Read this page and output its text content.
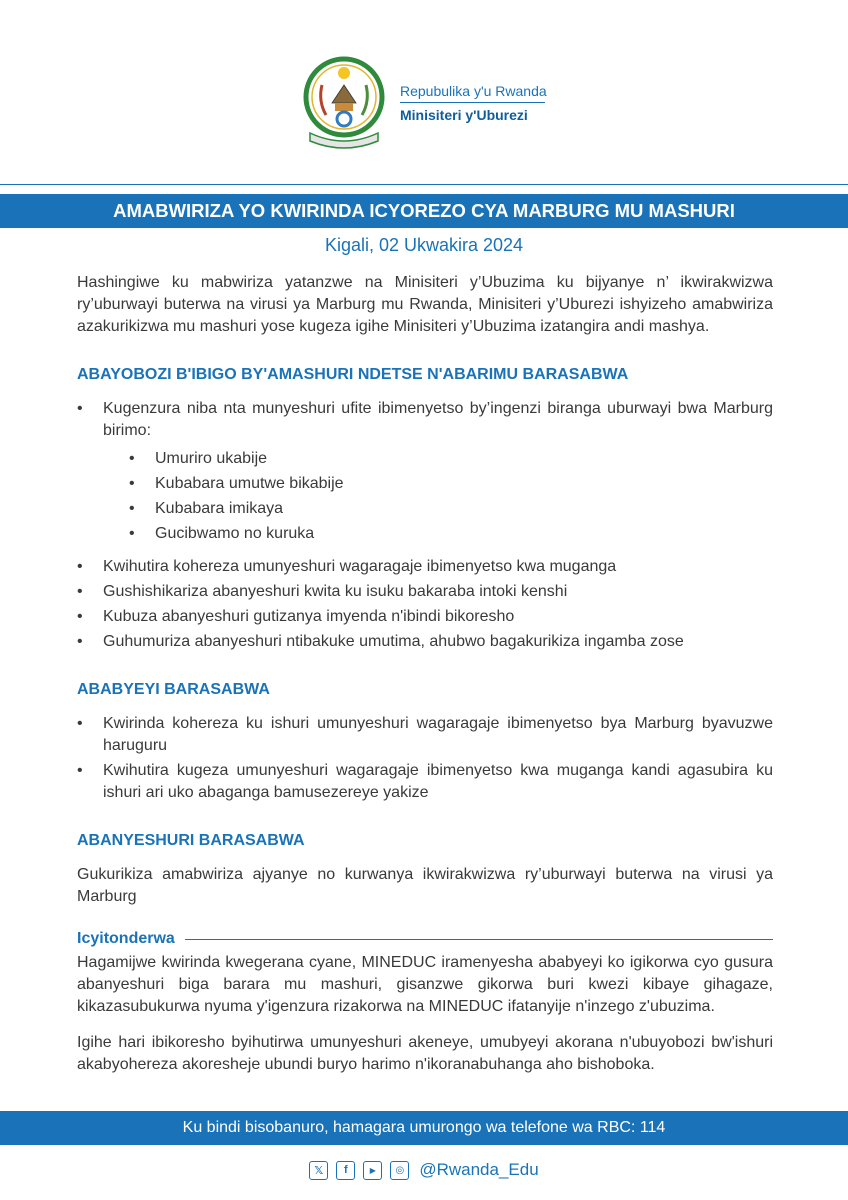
Repubulika y'u Rwanda
Minisiteri y'Uburezi
AMABWIRIZA YO KWIRINDA ICYOREZO CYA MARBURG MU MASHURI
Kigali, 02 Ukwakira 2024

Hashingiwe ku mabwiriza yatanzwe na Minisiteri y’Ubuzima ku bijyanye n’ ikwirakwizwa ry’uburwayi buterwa na virusi ya Marburg mu Rwanda, Minisiteri y’Uburezi ishyizeho amabwiriza azakurikizwa mu mashuri yose kugeza igihe Minisiteri y’Ubuzima izatangira andi mashya.

ABAYOBOZI B'IBIGO BY'AMASHURI NDETSE N'ABARIMU BARASABWA

• Kugenzura niba nta munyeshuri ufite ibimenyetso by’ingenzi biranga uburwayi bwa Marburg birimo:
• Umuriro ukabije
• Kubabara umutwe bikabije
• Kubabara imikaya
• Gucibwamo no kuruka
• Kwihutira kohereza umunyeshuri wagaragaje ibimenyetso kwa muganga
• Gushishikariza abanyeshuri kwita ku isuku bakaraba intoki kenshi
• Kubuza abanyeshuri gutizanya imyenda n'ibindi bikoresho
• Guhumuriza abanyeshuri ntibakuke umutima, ahubwo bagakurikiza ingamba zose

ABABYEYI BARASABWA

• Kwirinda kohereza ku ishuri umunyeshuri wagaragaje ibimenyetso bya Marburg byavuzwe haruguru
• Kwihutira kugeza umunyeshuri wagaragaje ibimenyetso kwa muganga kandi agasubira ku ishuri ari uko abaganga bamusezereye yakize

ABANYESHURI BARASABWA

Gukurikiza amabwiriza ajyanye no kurwanya ikwirakwizwa ry’uburwayi buterwa na virusi ya Marburg

Icyitonderwa

Hagamijwe kwirinda kwegerana cyane, MINEDUC iramenyesha ababyeyi ko igikorwa cyo gusura abanyeshuri biga barara mu mashuri, gisanzwe gikorwa buri kwezi kibaye gihagaze, kikazasubukurwa nyuma y'igenzura rizakorwa na MINEDUC ifatanyije n'inzego z'ubuzima.

Igihe hari ibikoresho byihutirwa umunyeshuri akeneye, umubyeyi akorana n'ubuyobozi bw'ishuri akabyohereza akoresheje ubundi buryo harimo n'ikoranabuhanga aho bishoboka.

Ku bindi bisobanuro, hamagara umurongo wa telefone wa RBC: 114
𝕏	f	▶	◎ @Rwanda_Edu
